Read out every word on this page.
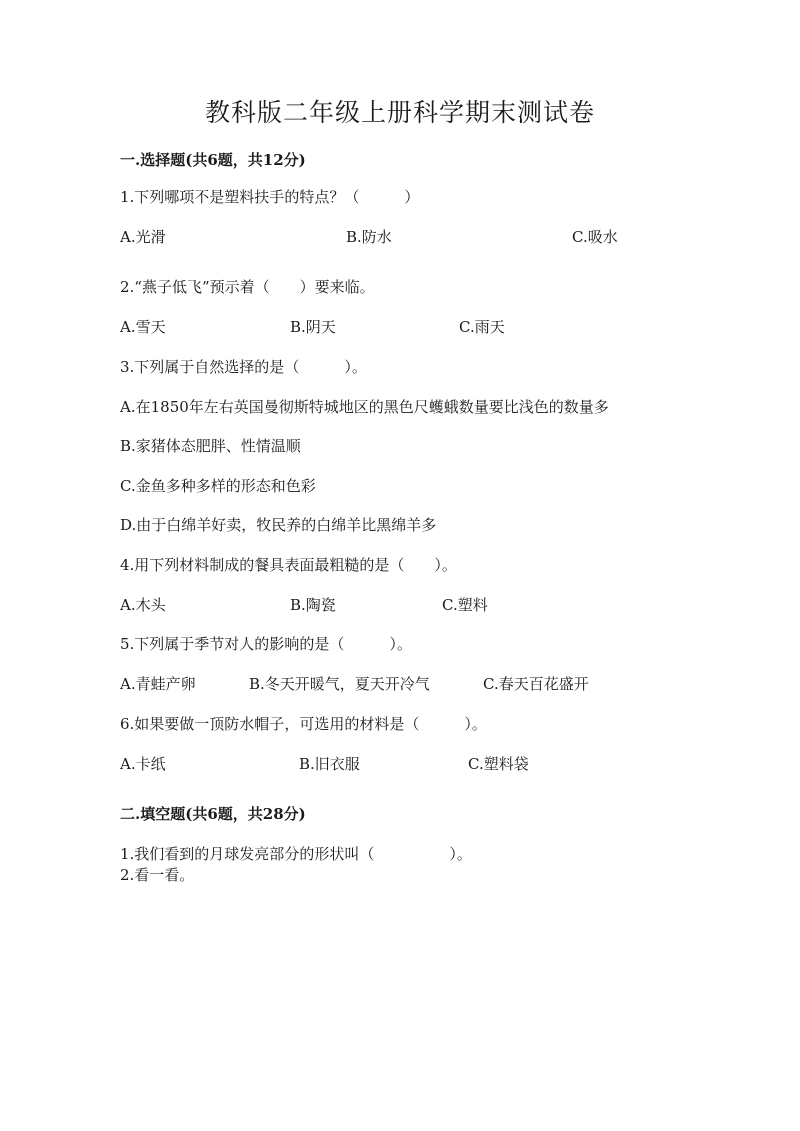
教科版二年级上册科学期末测试卷
一.选择题(共6题，共12分)
1.下列哪项不是塑料扶手的特点？（　　　）
A.光滑	B.防水	C.吸水
2.“燕子低飞”预示着（　　）要来临。
A.雪天	B.阴天	C.雨天
3.下列属于自然选择的是（　　　）。
A.在1850年左右英国曼彻斯特城地区的黑色尺蠖蛾数量要比浅色的数量多
B.家猪体态肥胖、性情温顺
C.金鱼多种多样的形态和色彩
D.由于白绵羊好卖，牧民养的白绵羊比黑绵羊多
4.用下列材料制成的餐具表面最粗糙的是（　　）。
A.木头	B.陶瓷	C.塑料
5.下列属于季节对人的影响的是（　　　）。
A.青蛙产卵	B.冬天开暖气，夏天开冷气	C.春天百花盛开
6.如果要做一顶防水帽子，可选用的材料是（　　　）。
A.卡纸	B.旧衣服	C.塑料袋
二.填空题(共6题，共28分)
1.我们看到的月球发亮部分的形状叫（　　　　　）。
2.看一看。
